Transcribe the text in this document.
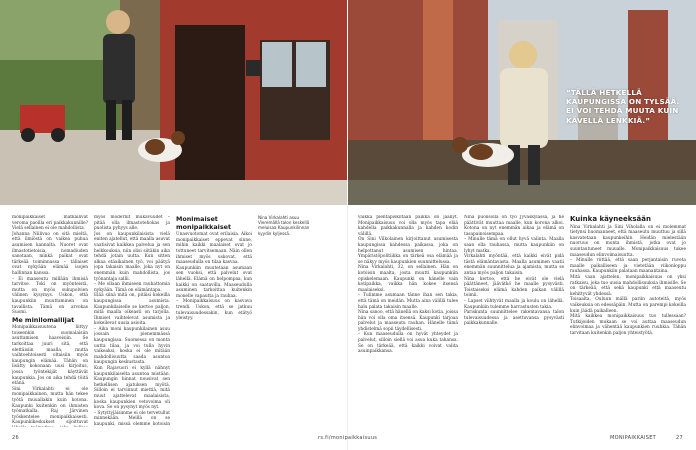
”TÄLLÄ HETKELLÄ KAUPUNGISSA ON TYLSÄÄ. EI VOI TEHDÄ MUUTA KUIN KÄVELLÄ LENKKIÄ.”

monipaikkaiset matkailivat veroma paoilla eri paikkakunnille? Vielä sellainen ei ole mahdollista.

Johanna Niilivuo on sitä mieltä, että ilmiöstä on vaikea puhua asumisen kannalta. Nuoret ovat ilmastotietoisia, nomadiuden sanotaan, minkä paikat ovat tärkeää toiminnassa – tällaiset ovat nykyään elämää isojen hallinnan kanssa.

– Ei maaseutu millään ihmisiä tarvitse. Toki on myönteistä, mutta on myös sukupolvien välinen kysymys. Uskon, että kaupunkiin muuttaminen on tavallista. Tämä on arvokas Suomi.

Me minilomailijat

Monipaikkaisuutena liittyy toiseenkin suomalaisiin asuttamisen haaveisiin. Se tarkoittaa juuri sitä, että elettäisiin maalla, mutta vaihtoehtoisesti oltaisiin myös kaupungin elämää. Tähän on lisätty kokonaan uusi kirjoitus, jossa työntekijät käyttävät kaupunkia. Jos on aika tehdä töitä etänä.

Sini Virkalahti ei ole monipaikkainen, mutta hän tekee työtä muuallakin kuin kotona. Kaupunki kuitenkin on ihmisten työmatkalla. Raj Järvinen työskentelee monipaikkaisesti. Kaupunkikeskukset sijoittuvat

myös modernit mukavuudet – pitää olla ilmastotehokas ja puolista pyhyys alle.

Jos on kaupunkilaisista vielä eniten ajatellut, että maalla asuvat vaatisivat kaikkea palvelua ja sen heikkouksia, niin olisi siitäkin aika tehdä jotain uutta. Kun sitten alkaa etäaikainen työ, voi päätyä jopa takaisin maalle, joka nyt on enemmän kuin mahdollista, jos työnantaja sallii.

– Me ollaan ihmiseen rauhattomia nykyään. Tämä on elämäntapa.

Elää siinä mitä on, pitäisi kokeilla kaupungissa asumista. Kaupunkilaiselle se kertoo paljon, mitä maalla oikeasti on tarjolla. Ihmiset vaihtelevat asumista ja kokeilevat uusia asioita.

– Aika moni kaupunkilainen asuu jossain pienemmässä kaupungissa. Suomessa on monta uutta tilaa, ja voi tulla hyvin vaikeaksi, koska ei ole mitään mahdollisuutta saada asuntoa kaupungin keskustasta.

Kun Rajavuori ei kyllä nähnyt kaupunkilaiselta asuntoa mistään. Kaupungin hinnat nousivat sen hetkellisen ajatuksen myötä. Silloin ei tarvinnut miettiä, mitä muut ajattelevat maalaisista, koska kaupunkien vetovoima oli kova. Se on pysynyt myös nyt.

– Sytyttyjäisimme ei ole tervetullut minnekään. Meillä on se kaupunki, missä olemme kotoisin

Monimaiset monipaikkaiset

Unasvuotomat ovat erilaisia. Aikoi monipaikkaiset eppevat sinne, mihin kaikki maalaiset ovat jo tottuneet tarvitsemaan. Näin ollen ihmiset myös uskovat, että maaseudulla on tilaa kasvaa.

Kaupunkiin muutetaan asumaan sen vuoksi, että palvelut ovat lähellä. Elämä on helpompaa, kun kaikki on saatavilla. Maaseudulla asuminen tarkoittaa kuitenkin monelle vapautta ja rauhaa.

– Monipaikkaisuus on kasvava trendi. Uskon, että se jatkuu tulevaisuudessakin, kun etätyö yleistyy.

Nina Virkalahti asuu Vieremällä talon keskellä meluisaa Kaupunkilinnan kyydin kyljessä.

vaikka pientapiskiltaan paikka on jäänyt. Monipaikkaisuus voi olla myös tapa elää kahdella paikkakunnalla ja kahden kodin välillä.

On Sini Vilkolainen kirjoittanut asumisesta kaupungissa kahdessa paikassa, joka on helpottanut asumisen hintaa. Ympäristöpolitiikka on tärkeä osa elämää ja se näkyy myös kaupunkien suunnittelussa.

Nina Virkalahti, 32, on sellainen. Hän on kotoisin maalta, josta muutti kaupunkiin opiskelemaan. Kaupunki on hänelle vain kotipaikka, vaikka hän kokee itsensä maalaiseksi.

– Tulimme asumaan tänne ihan sen takia, että tämä on meidän. Mutta aina välillä tulee halu palata takaisin maalle.

Nina sanoo, että hänellä on kaksi kotia, joissa hän voi olla oma itsensä. Kaupunki tarjoaa palvelut ja maaseutu rauhan. Hänelle tämä yhdistelmä sopii täydellisesti.

– Kun maaseudulla on hyvät yhteydet ja palvelut, silloin siellä voi asua kuka tahansa. Se on tärkeää, että kaikki voivat valita asuinpaikkansa.

Nina puolisolla on työ Jyväskylässä, ja he päättivät muuttaa maalle, kun korona alkoi. Kotona on nyt enemmän aikaa ja elämä on tasapainoisempaa.

– Minulle tämä on ollut hyvä valinta. Maalla saan olla rauhassa, mutta kaupunkiin on lyhyt matka.

Virkalahti myöntää, että kaikki eivät pidä tästä elämäntavasta. Maalla asuminen vaatii enemmän suunnittelua ja ajamista, mutta se antaa myös paljon takaisin.

Nina kertoo, että he eivät ole vielä päättäneet, jäävätkö he maalle pysyvästi. Toistaiseksi elämä kahden paikan välillä toimii.

– Lapset viihtyvät maalla ja koulu on lähellä. Kaupunkiin tulemme harrastusten takia.

Pariskunta suunnittelee rakentavansa talon tulevaisuudessa ja asettuvansa pysyvästi paikkakunnalle.

Kuinka käyneeksään

Nina Virkalahti ja Sini Viholalla on ei molemmat tietynsi huomanneet, että maaseutu muuttuu ja sillä kasvatetaan kaupunkeihin. Heidän mielestään nuoruus on monta ihmistä, jotka ovat jo suuntautuneet muualle. Monipaikkaisuus tukee maaseudun elinvoimaisuutta.

– Minulle riittää, että saan perjantaisin ruveta maalle paikalliseen ja vietetään viikonloppu rauhassa. Kaupunkiin palataan maanantaina.

Mitä vaan ajattelen, monipaikkaisuus on yksi ratkaisu, joka tuo uusia mahdollisuuksia ihmisille. Se on tärkeää, että sekä kaupunki että maaseutu kehittyvät yhdessä.

Toisaalta, Ouluun mällä pariin autoteitä, myös vaikeuksia on edessäpäin. Mutta on parempi kokeilla kuin jäädä paikalleen.

Mitä kaikkea monipaikkaisuus tuo tullessaan? Tutkijoiden mukaan se voi auttaa maaseudun elinvoimaa ja vähentää kaupunkien ruuhkia. Tähän tarvitaan kuitenkin paljon yhteistyötä.

26	rs.fi/monipaikkaisuus	MONIPAIKKAISET	27
